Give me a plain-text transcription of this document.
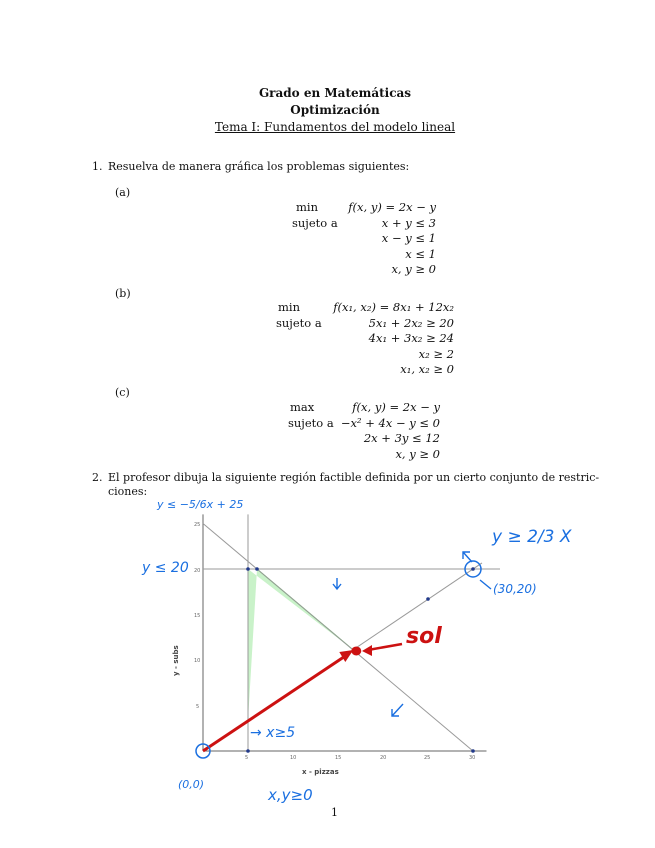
Grado en Matemáticas
Optimización
Tema I: Fundamentos del modelo lineal
1. Resuelva de manera gráfica los problemas siguientes:
(a)
min
sujeto a
f(x, y) = 2x − y
x + y ≤ 3
x − y ≤ 1
x ≤ 1
x, y ≥ 0
(b)
min
sujeto a
f(x₁, x₂) = 8x₁ + 12x₂
5x₁ + 2x₂ ≥ 20
4x₁ + 3x₂ ≥ 24
x₂ ≥ 2
x₁, x₂ ≥ 0
(c)
max
sujeto a
f(x, y) = 2x − y
−x² + 4x − y ≤ 0
2x + 3y ≤ 12
x, y ≥ 0
2. El profesor dibuja la siguiente región factible definida por un cierto conjunto de restric-
ciones:
x - pizzas
y - subs
5	10	15	20	25	30
5
10
15
20
25
y ≤ −5/6x + 25
y ≤ 20
y ≥ 2/3 X
(30,20)
sol
→ x≥5
(0,0)
x,y≥0
1
